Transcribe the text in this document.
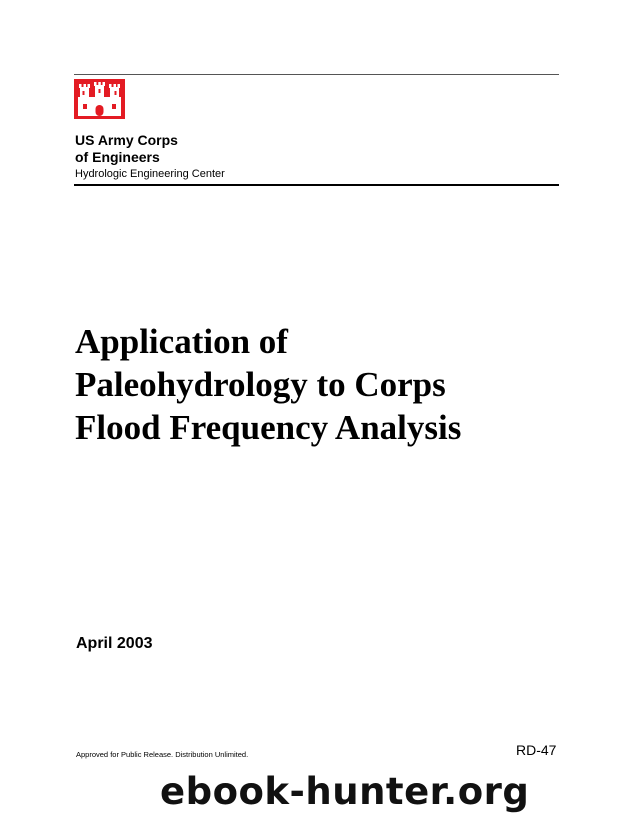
US Army Corps
of Engineers
Hydrologic Engineering Center
Application of
Paleohydrology to Corps
Flood Frequency Analysis
April 2003
Approved for Public Release. Distribution Unlimited.	RD-47
ebook-hunter.org
